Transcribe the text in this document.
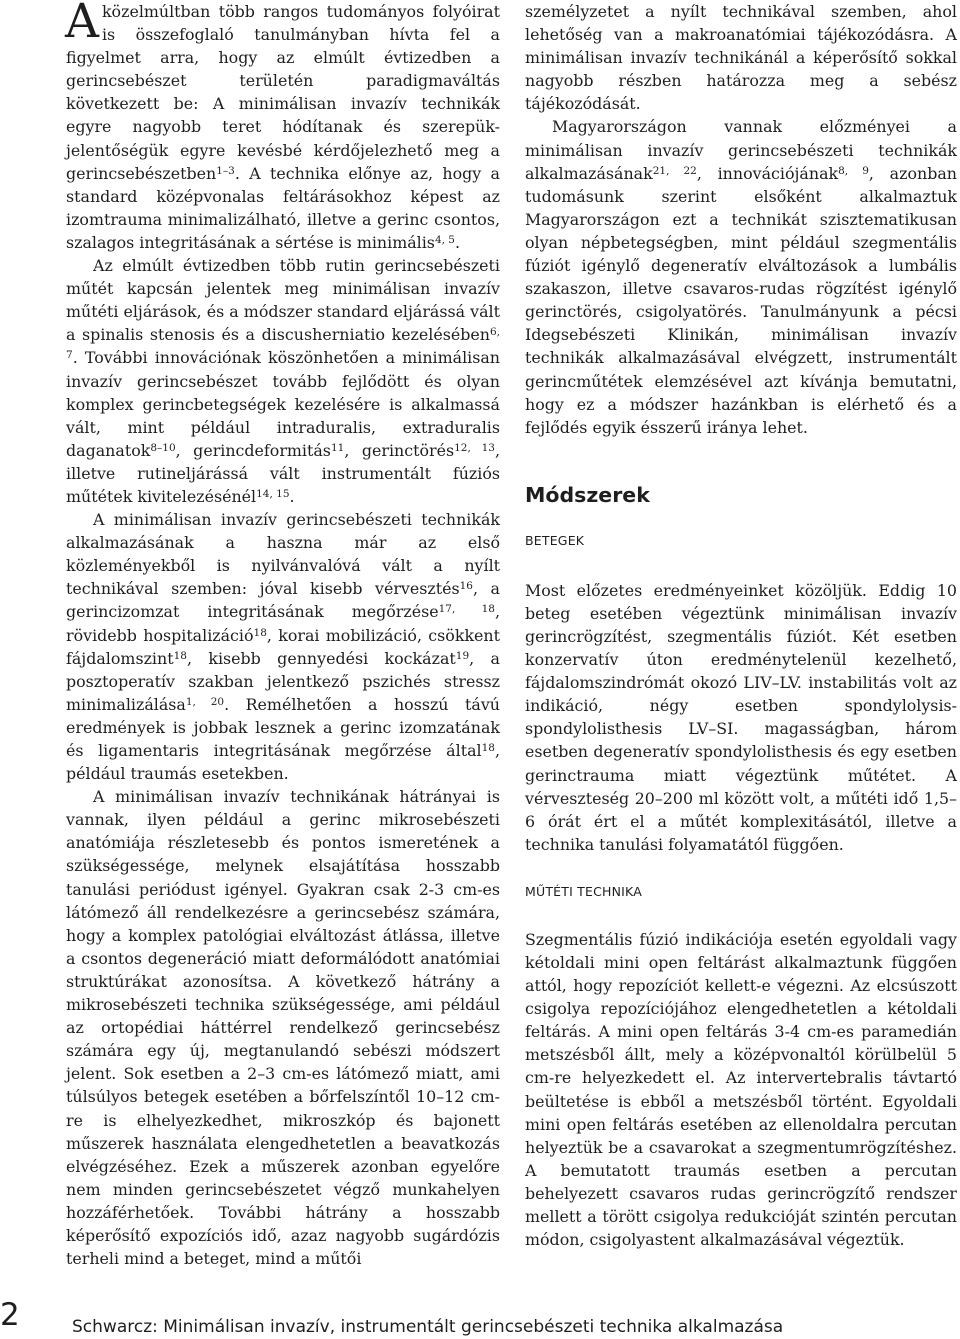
Aközelmúltban több rangos tudományos folyóirat is összefoglaló tanulmányban hívta fel a figyelmet arra, hogy az elmúlt évtizedben a gerincsebészet területén paradigmaváltás következett be: A minimálisan invazív technikák egyre nagyobb teret hódítanak és szerepük-jelentőségük egyre kevésbé kérdőjelezhető meg a gerincsebészetben$^{1-3}$. A technika előnye az, hogy a standard középvonalas feltárásokhoz képest az izomtrauma minimalizálható, illetve a gerinc csontos, szalagos integritásának a sértése is minimális$^{4, 5}$.

Az elmúlt évtizedben több rutin gerincsebészeti műtét kapcsán jelentek meg minimálisan invazív műtéti eljárások, és a módszer standard eljárássá vált a spinalis stenosis és a discusherniatio kezelésében$^{6, 7}$. További innovációnak köszönhetően a minimálisan invazív gerincsebészet tovább fejlődött és olyan komplex gerincbetegségek kezelésére is alkalmassá vált, mint például intraduralis, extraduralis daganatok$^{8-10}$, gerincdeformitás$^{11}$, gerinctörés$^{12, 13}$, illetve rutineljárássá vált instrumentált fúziós műtétek kivitelezésénél$^{14, 15}$.

A minimálisan invazív gerincsebészeti technikák alkalmazásának a haszna már az első közleményekből is nyilvánvalóvá vált a nyílt technikával szemben: jóval kisebb vérvesztés$^{16}$, a gerincizomzat integritásának megőrzése$^{17, 18}$, rövidebb hospitalizáció$^{18}$, korai mobilizáció, csökkent fájdalomszint$^{18}$, kisebb gennyedési kockázat$^{19}$, a posztoperatív szakban jelentkező pszichés stressz minimalizálása$^{1, 20}$. Remélhetően a hosszú távú eredmények is jobbak lesznek a gerinc izomzatának és ligamentaris integritásának megőrzése által$^{18}$, például traumás esetekben.

A minimálisan invazív technikának hátrányai is vannak, ilyen például a gerinc mikrosebészeti anatómiája részletesebb és pontos ismeretének a szükségessége, melynek elsajátítása hosszabb tanulási periódust igényel. Gyakran csak 2-3 cm-es látómező áll rendelkezésre a gerincsebész számára, hogy a komplex patológiai elváltozást átlássa, illetve a csontos degeneráció miatt deformálódott anatómiai struktúrákat azonosítsa. A következő hátrány a mikrosebészeti technika szükségessége, ami például az ortopédiai háttérrel rendelkező gerincsebész számára egy új, megtanulandó sebészi módszert jelent. Sok esetben a 2–3 cm-es látómező miatt, ami túlsúlyos betegek esetében a bőrfelszíntől 10–12 cm-re is elhelyezkedhet, mikroszkóp és bajonett műszerek használata elengedhetetlen a beavatkozás elvégzéséhez. Ezek a műszerek azonban egyelőre nem minden gerincsebészetet végző munkahelyen hozzáférhetőek. További hátrány a hosszabb képerősítő expozíciós idő, azaz nagyobb sugárdózis terheli mind a beteget, mind a műtői

személyzetet a nyílt technikával szemben, ahol lehetőség van a makroanatómiai tájékozódásra. A minimálisan invazív technikánál a képerősítő sokkal nagyobb részben határozza meg a sebész tájékozódását.

Magyarországon vannak előzményei a minimálisan invazív gerincsebészeti technikák alkalmazásának$^{21, 22}$, innovációjának$^{8, 9}$, azonban tudomásunk szerint elsőként alkalmaztuk Magyarországon ezt a technikát szisztematikusan olyan népbetegségben, mint például szegmentális fúziót igénylő degeneratív elváltozások a lumbális szakaszon, illetve csavaros-rudas rögzítést igénylő gerinctörés, csigolyatörés. Tanulmányunk a pécsi Idegsebészeti Klinikán, minimálisan invazív technikák alkalmazásával elvégzett, instrumentált gerincműtétek elemzésével azt kívánja bemutatni, hogy ez a módszer hazánkban is elérhető és a fejlődés egyik ésszerű iránya lehet.

Módszerek
BETEGEK

Most előzetes eredményeinket közöljük. Eddig 10 beteg esetében végeztünk minimálisan invazív gerincrögzítést, szegmentális fúziót. Két esetben konzervatív úton eredménytelenül kezelhető, fájdalomszindrómát okozó LIV–LV. instabilitás volt az indikáció, négy esetben spondylolysis-spondylolisthesis LV–SI. magasságban, három esetben degeneratív spondylolisthesis és egy esetben gerinctrauma miatt végeztünk műtétet. A vérveszteség 20–200 ml között volt, a műtéti idő 1,5–6 órát ért el a műtét komplexitásától, illetve a technika tanulási folyamatától függően.

MŰTÉTI TECHNIKA

Szegmentális fúzió indikációja esetén egyoldali vagy kétoldali mini open feltárást alkalmaztunk függően attól, hogy repozíciót kellett-e végezni. Az elcsúszott csigolya repozíciójához elengedhetetlen a kétoldali feltárás. A mini open feltárás 3-4 cm-es paramedián metszésből állt, mely a középvonaltól körülbelül 5 cm-re helyezkedett el. Az intervertebralis távtartó beültetése is ebből a metszésből történt. Egyoldali mini open feltárás esetében az ellenoldalra percutan helyeztük be a csavarokat a szegmentumrögzítéshez. A bemutatott traumás esetben a percutan behelyezett csavaros rudas gerincrögzítő rendszer mellett a törött csigolya redukcióját szintén percutan módon, csigolyastent alkalmazásával végeztük.

2	Schwarcz: Minimálisan invazív, instrumentált gerincsebészeti technika alkalmazása
